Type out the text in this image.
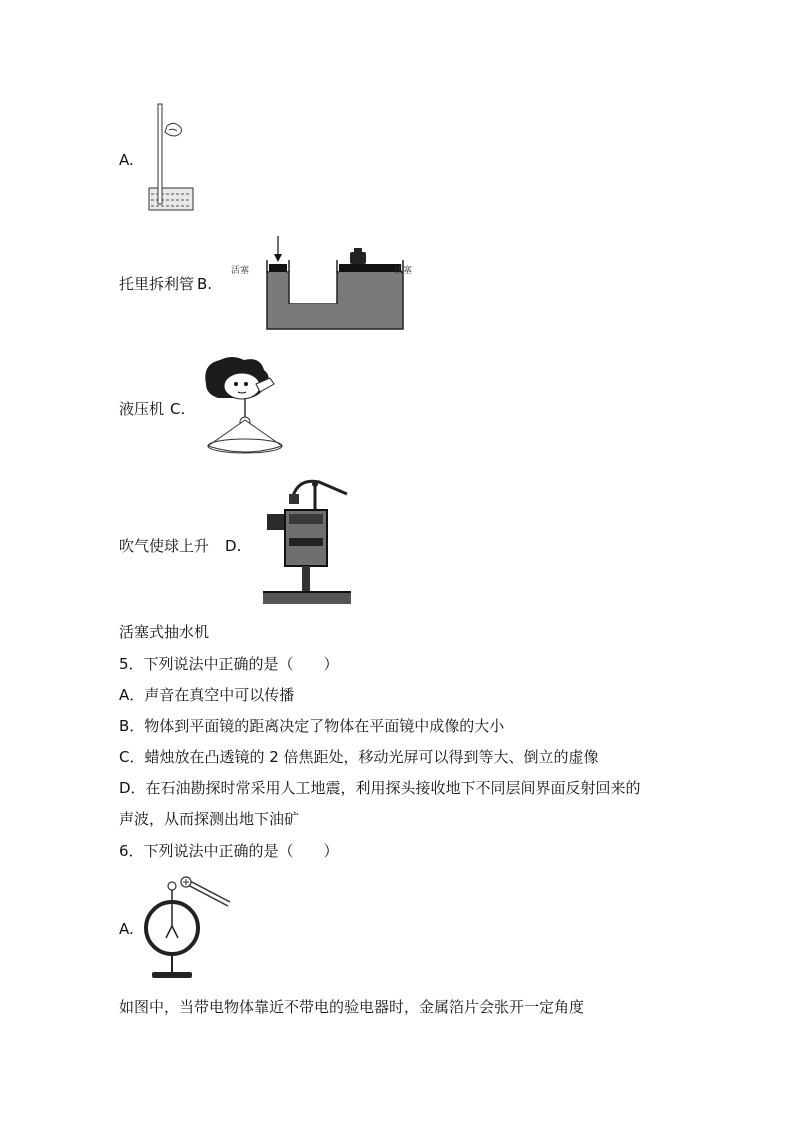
A.
托里拆利管 B.
活塞	活塞
液压机 C.
吹气使球上升 D.
活塞式抽水机
5．下列说法中正确的是（　　）
A．声音在真空中可以传播
B．物体到平面镜的距离决定了物体在平面镜中成像的大小
C．蜡烛放在凸透镜的 2 倍焦距处，移动光屏可以得到等大、倒立的虚像
D．在石油勘探时常采用人工地震，利用探头接收地下不同层间界面反射回来的
声波，从而探测出地下油矿
6．下列说法中正确的是（　　）
A.
如图中，当带电物体靠近不带电的验电器时，金属箔片会张开一定角度
